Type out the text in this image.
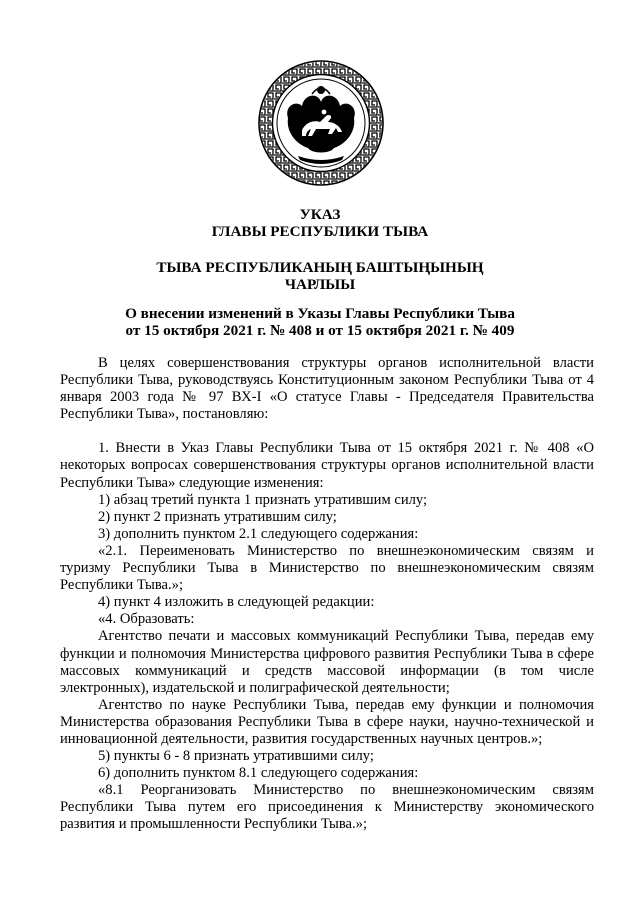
УКАЗ
ГЛАВЫ РЕСПУБЛИКИ ТЫВА
ТЫВА РЕСПУБЛИКАНЫҢ БАШТЫҢЫНЫҢ
ЧАРЛЫЫ
О внесении изменений в Указы Главы Республики Тыва
от 15 октября 2021 г. № 408 и от 15 октября 2021 г. № 409

В целях совершенствования структуры органов исполнительной власти Республики Тыва, руководствуясь Конституционным законом Республики Тыва от 4 января 2003 года № 97 ВХ-I «О статусе Главы - Председателя Правительства Республики Тыва», постановляю:

1. Внести в Указ Главы Республики Тыва от 15 октября 2021 г. № 408 «О некоторых вопросах совершенствования структуры органов исполнительной власти Республики Тыва» следующие изменения:

1) абзац третий пункта 1 признать утратившим силу;

2) пункт 2 признать утратившим силу;

3) дополнить пунктом 2.1 следующего содержания:

«2.1. Переименовать Министерство по внешнеэкономическим связям и туризму Республики Тыва в Министерство по внешнеэкономическим связям Республики Тыва.»;

4) пункт 4 изложить в следующей редакции:

«4. Образовать:

Агентство печати и массовых коммуникаций Республики Тыва, передав ему функции и полномочия Министерства цифрового развития Республики Тыва в сфере массовых коммуникаций и средств массовой информации (в том числе электронных), издательской и полиграфической деятельности;

Агентство по науке Республики Тыва, передав ему функции и полномочия Министерства образования Республики Тыва в сфере науки, научно-технической и инновационной деятельности, развития государственных научных центров.»;

5) пункты 6 - 8 признать утратившими силу;

6) дополнить пунктом 8.1 следующего содержания:

«8.1 Реорганизовать Министерство по внешнеэкономическим связям Республики Тыва путем его присоединения к Министерству экономического развития и промышленности Республики Тыва.»;
